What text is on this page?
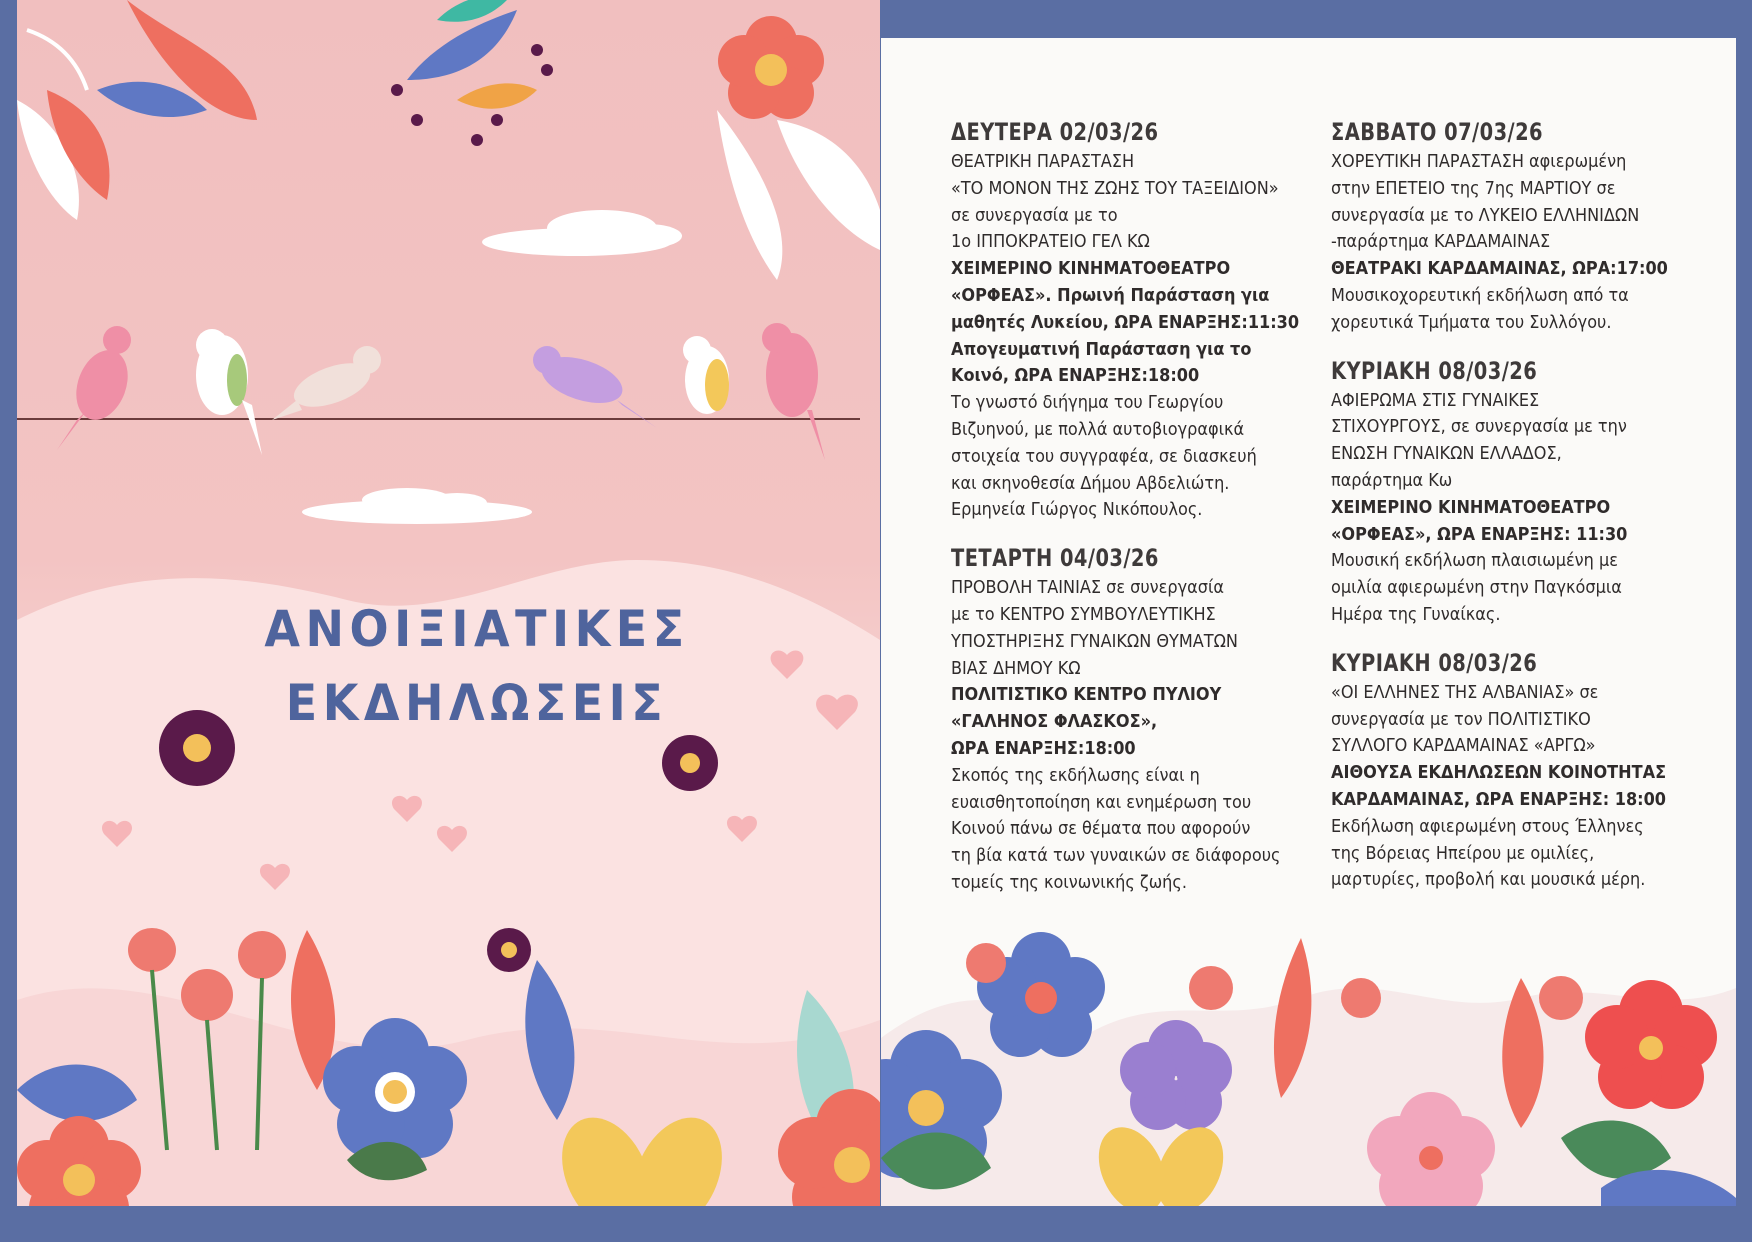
ΑΝΟΙΞΙΑΤΙΚΕΣ
ΕΚΔΗΛΩΣΕΙΣ
ΔΕΥΤΕΡΑ 02/03/26
ΘΕΑΤΡΙΚΗ ΠΑΡΑΣΤΑΣΗ
«ΤΟ ΜΟΝΟΝ ΤΗΣ ΖΩΗΣ ΤΟΥ ΤΑΞΕΙΔΙΟΝ»
σε συνεργασία με το
1ο ΙΠΠΟΚΡΑΤΕΙΟ ΓΕΛ ΚΩ
ΧΕΙΜΕΡΙΝΟ ΚΙΝΗΜΑΤΟΘΕΑΤΡΟ
«ΟΡΦΕΑΣ». Πρωινή Παράσταση για
μαθητές Λυκείου, ΩΡΑ ΕΝΑΡΞΗΣ:11:30
Απογευματινή Παράσταση για το
Κοινό, ΩΡΑ ΕΝΑΡΞΗΣ:18:00
Το γνωστό διήγημα του Γεωργίου
Βιζυηνού, με πολλά αυτοβιογραφικά
στοιχεία του συγγραφέα, σε διασκευή
και σκηνοθεσία Δήμου Αβδελιώτη.
Ερμηνεία Γιώργος Νικόπουλος.
ΤΕΤΑΡΤΗ 04/03/26
ΠΡΟΒΟΛΗ ΤΑΙΝΙΑΣ σε συνεργασία
με το ΚΕΝΤΡΟ ΣΥΜΒΟΥΛΕΥΤΙΚΗΣ
ΥΠΟΣΤΗΡΙΞΗΣ ΓΥΝΑΙΚΩΝ ΘΥΜΑΤΩΝ
ΒΙΑΣ ΔΗΜΟΥ ΚΩ
ΠΟΛΙΤΙΣΤΙΚΟ ΚΕΝΤΡΟ ΠΥΛΙΟΥ
«ΓΑΛΗΝΟΣ ΦΛΑΣΚΟΣ»,
ΩΡΑ ΕΝΑΡΞΗΣ:18:00
Σκοπός της εκδήλωσης είναι η
ευαισθητοποίηση και ενημέρωση του
Κοινού πάνω σε θέματα που αφορούν
τη βία κατά των γυναικών σε διάφορους
τομείς της κοινωνικής ζωής.
ΣΑΒΒΑΤΟ 07/03/26
ΧΟΡΕΥΤΙΚΗ ΠΑΡΑΣΤΑΣΗ αφιερωμένη
στην ΕΠΕΤΕΙΟ της 7ης ΜΑΡΤΙΟΥ σε
συνεργασία με το ΛΥΚΕΙΟ ΕΛΛΗΝΙΔΩΝ
-παράρτημα ΚΑΡΔΑΜΑΙΝΑΣ
ΘΕΑΤΡΑΚΙ ΚΑΡΔΑΜΑΙΝΑΣ, ΩΡΑ:17:00
Μουσικοχορευτική εκδήλωση από τα
χορευτικά Τμήματα του Συλλόγου.
ΚΥΡΙΑΚΗ 08/03/26
ΑΦΙΕΡΩΜΑ ΣΤΙΣ ΓΥΝΑΙΚΕΣ
ΣΤΙΧΟΥΡΓΟΥΣ, σε συνεργασία με την
ΕΝΩΣΗ ΓΥΝΑΙΚΩΝ ΕΛΛΑΔΟΣ,
παράρτημα Κω
ΧΕΙΜΕΡΙΝΟ ΚΙΝΗΜΑΤΟΘΕΑΤΡΟ
«ΟΡΦΕΑΣ», ΩΡΑ ΕΝΑΡΞΗΣ: 11:30
Μουσική εκδήλωση πλαισιωμένη με
ομιλία αφιερωμένη στην Παγκόσμια
Ημέρα της Γυναίκας.
ΚΥΡΙΑΚΗ 08/03/26
«ΟΙ ΕΛΛΗΝΕΣ ΤΗΣ ΑΛΒΑΝΙΑΣ» σε
συνεργασία με τον ΠΟΛΙΤΙΣΤΙΚΟ
ΣΥΛΛΟΓΟ ΚΑΡΔΑΜΑΙΝΑΣ «ΑΡΓΩ»
ΑΙΘΟΥΣΑ ΕΚΔΗΛΩΣΕΩΝ ΚΟΙΝΟΤΗΤΑΣ
ΚΑΡΔΑΜΑΙΝΑΣ, ΩΡΑ ΕΝΑΡΞΗΣ: 18:00
Εκδήλωση αφιερωμένη στους Έλληνες
της Βόρειας Ηπείρου με ομιλίες,
μαρτυρίες, προβολή και μουσικά μέρη.
